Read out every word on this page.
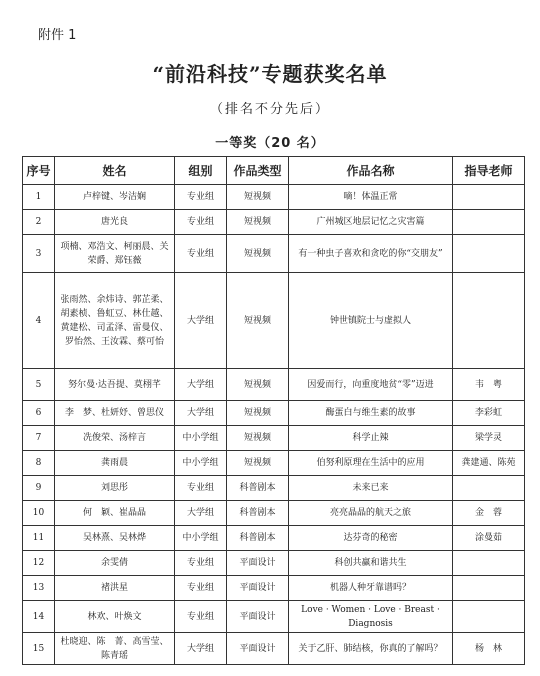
附件 1
“前沿科技”专题获奖名单
（排名不分先后）
一等奖（20 名）
序号	姓名	组别	作品类型	作品名称	指导老师
1	卢梓键、岑洁娴	专业组	短视频	嘀！体温正常	
2	唐光良	专业组	短视频	广州城区地层记忆之灾害篇	
3	项楠、邓浩文、柯丽晨、关荣爵、郑钰薇	专业组	短视频	有一种虫子喜欢和贪吃的你“交朋友”	
4	张雨然、余炜诗、郭芷柔、胡素桢、鲁虹豆、林仕越、黄建松、司孟泽、雷曼仪、罗怡然、王汝霖、蔡可怡	大学组	短视频	钟世镇院士与虚拟人	
5	努尔曼·达吾提、莫栩芊	大学组	短视频	因爱而行，向重度地贫“零”迈进	韦　粤
6	李　梦、杜妍妤、曾思仪	大学组	短视频	酶蛋白与维生素的故事	李彩虹
7	冼俊荣、汤梓言	中小学组	短视频	科学止辣	梁学灵
8	龚雨晨	中小学组	短视频	伯努利原理在生活中的应用	龚建通、陈苑
9	刘思彤	专业组	科普剧本	未来已来	
10	何　颖、崔晶晶	大学组	科普剧本	亮亮晶晶的航天之旅	金　蓉
11	吴林熹、吴林烨	中小学组	科普剧本	达芬奇的秘密	涂曼茹
12	余雯倩	专业组	平面设计	科创共赢和谐共生	
13	褚洪星	专业组	平面设计	机器人种牙靠谱吗？	
14	林欢、叶焕文	专业组	平面设计	Love · Women · Love · Breast · Diagnosis	
15	杜晓迎、陈　菁、高雪莹、陈青瑶	大学组	平面设计	关于乙肝、肺结核，你真的了解吗？	杨　林
